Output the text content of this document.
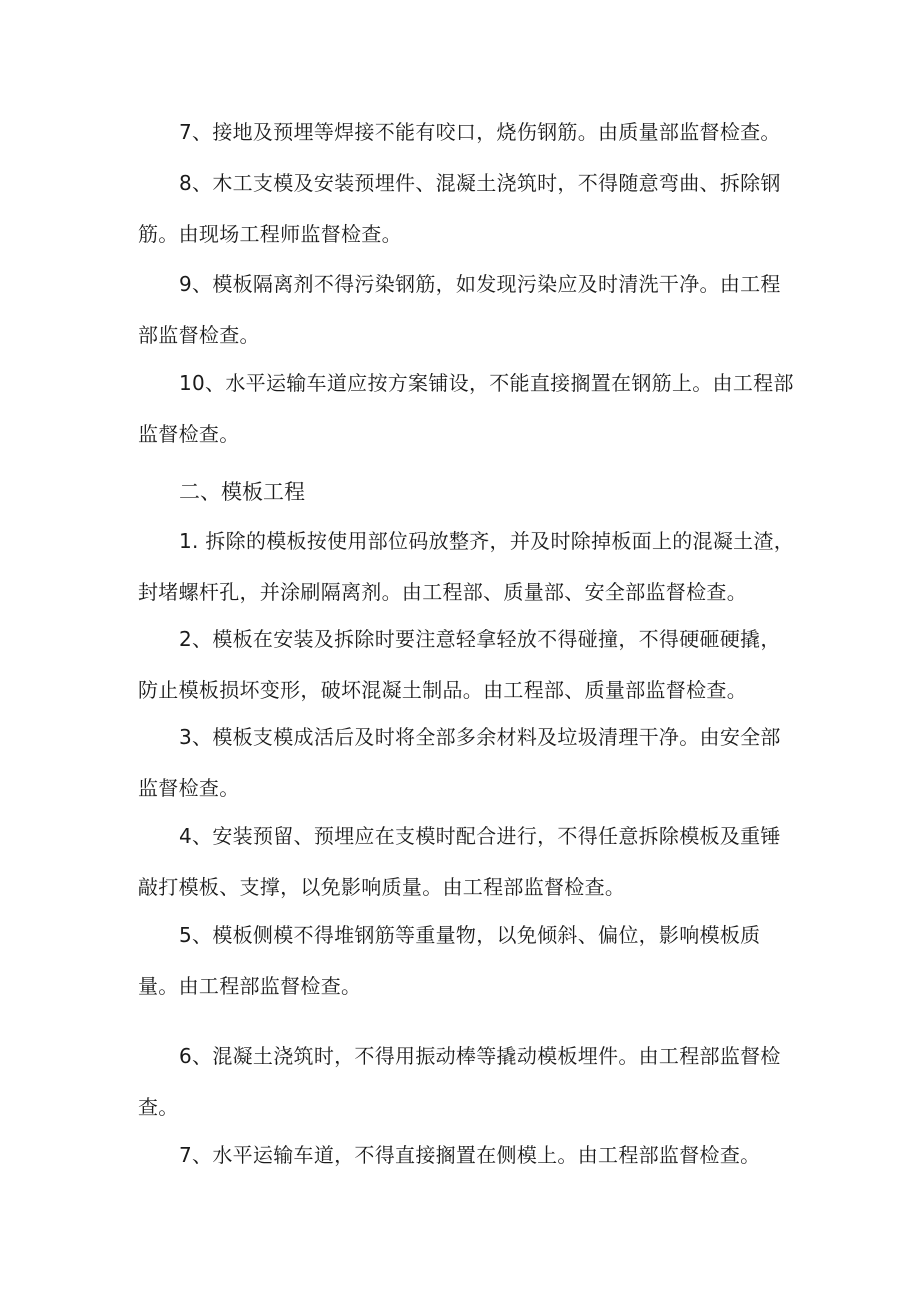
7、接地及预埋等焊接不能有咬口，烧伤钢筋。由质量部监督检查。

8、木工支模及安装预埋件、混凝土浇筑时，不得随意弯曲、拆除钢筋。由现场工程师监督检查。

9、模板隔离剂不得污染钢筋，如发现污染应及时清洗干净。由工程部监督检查。

10、水平运输车道应按方案铺设，不能直接搁置在钢筋上。由工程部监督检查。

二、模板工程

1. 拆除的模板按使用部位码放整齐，并及时除掉板面上的混凝土渣，封堵螺杆孔，并涂刷隔离剂。由工程部、质量部、安全部监督检查。

2、模板在安装及拆除时要注意轻拿轻放不得碰撞，不得硬砸硬撬，防止模板损坏变形，破坏混凝土制品。由工程部、质量部监督检查。

3、模板支模成活后及时将全部多余材料及垃圾清理干净。由安全部监督检查。

4、安装预留、预埋应在支模时配合进行，不得任意拆除模板及重锤敲打模板、支撑，以免影响质量。由工程部监督检查。

5、模板侧模不得堆钢筋等重量物，以免倾斜、偏位，影响模板质量。由工程部监督检查。

6、混凝土浇筑时，不得用振动棒等撬动模板埋件。由工程部监督检查。

7、水平运输车道，不得直接搁置在侧模上。由工程部监督检查。
